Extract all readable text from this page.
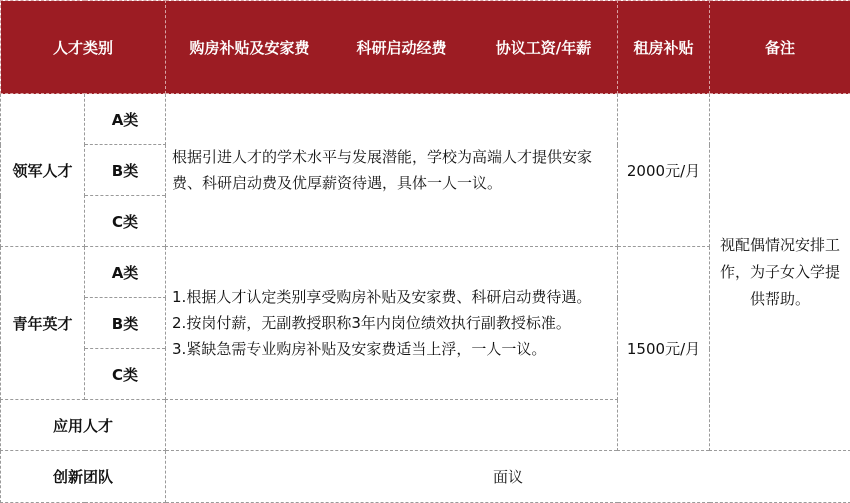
人才类别		购房补贴及安家费 科研启动经费 协议工资/年薪	租房补贴	备注
领军人才	A类	根据引进人才的学术水平与发展潜能，学校为高端人才提供安家费、科研启动费及优厚薪资待遇，具体一人一议。	2000元/月	视配偶情况安排工作，为子女入学提供帮助。
	B类			
	C类			
青年英才	A类	1.根据人才认定类别享受购房补贴及安家费、科研启动费待遇。

2.按岗付薪，无副教授职称3年内岗位绩效执行副教授标准。

3.紧缺急需专业购房补贴及安家费适当上浮，一人一议。	1500元/月	
	B类			
	C类			
应用人才				
创新团队		面议		
